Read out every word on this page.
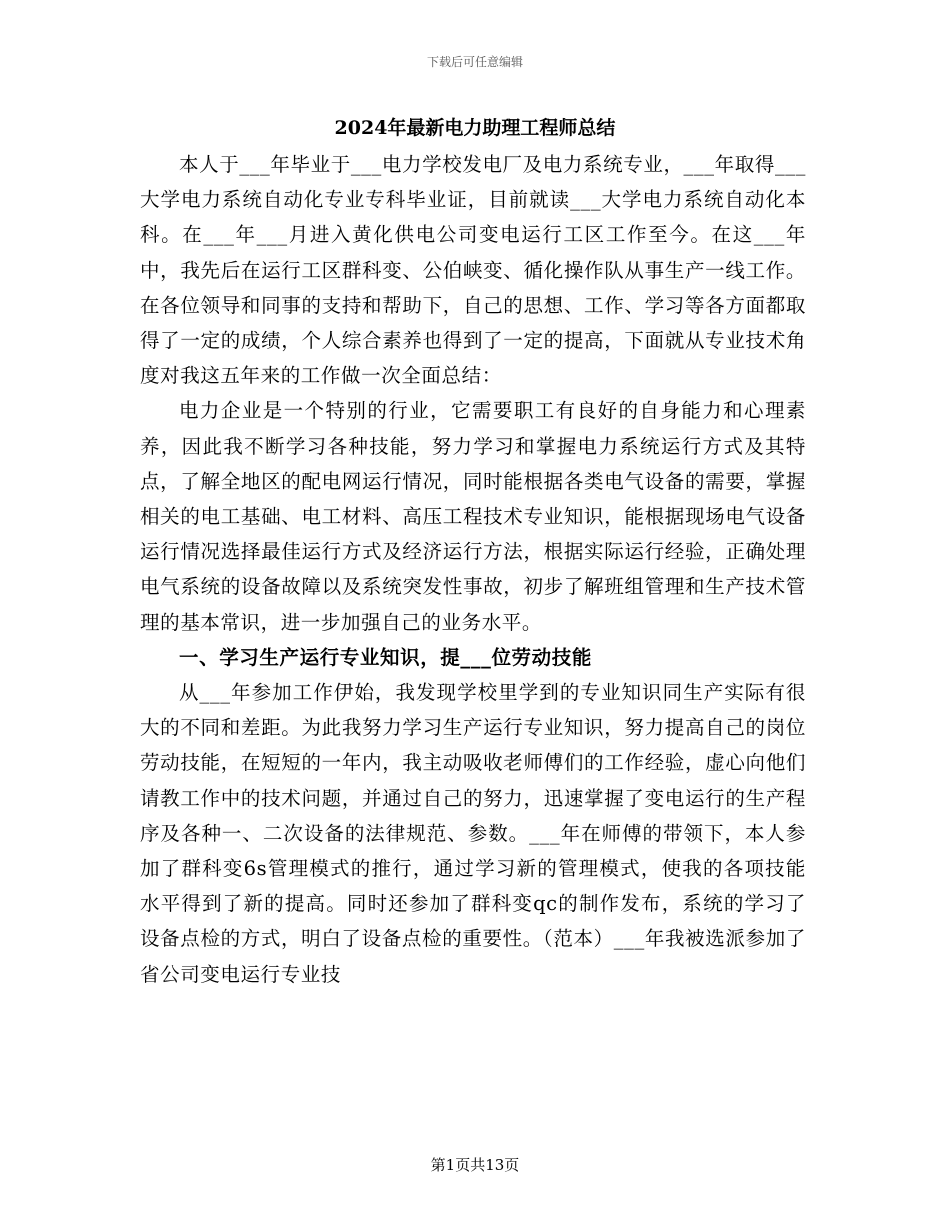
下载后可任意编辑
2024年最新电力助理工程师总结

本人于___年毕业于___电力学校发电厂及电力系统专业，___年取得___大学电力系统自动化专业专科毕业证，目前就读___大学电力系统自动化本科。在___年___月进入黄化供电公司变电运行工区工作至今。在这___年中，我先后在运行工区群科变、公伯峡变、循化操作队从事生产一线工作。在各位领导和同事的支持和帮助下，自己的思想、工作、学习等各方面都取得了一定的成绩，个人综合素养也得到了一定的提高，下面就从专业技术角度对我这五年来的工作做一次全面总结：

电力企业是一个特别的行业，它需要职工有良好的自身能力和心理素养，因此我不断学习各种技能，努力学习和掌握电力系统运行方式及其特点，了解全地区的配电网运行情况，同时能根据各类电气设备的需要，掌握相关的电工基础、电工材料、高压工程技术专业知识，能根据现场电气设备运行情况选择最佳运行方式及经济运行方法，根据实际运行经验，正确处理电气系统的设备故障以及系统突发性事故，初步了解班组管理和生产技术管理的基本常识，进一步加强自己的业务水平。

一、学习生产运行专业知识，提___位劳动技能

从___年参加工作伊始，我发现学校里学到的专业知识同生产实际有很大的不同和差距。为此我努力学习生产运行专业知识，努力提高自己的岗位劳动技能，在短短的一年内，我主动吸收老师傅们的工作经验，虚心向他们请教工作中的技术问题，并通过自己的努力，迅速掌握了变电运行的生产程序及各种一、二次设备的法律规范、参数。___年在师傅的带领下，本人参加了群科变6s管理模式的推行，通过学习新的管理模式，使我的各项技能水平得到了新的提高。同时还参加了群科变qc的制作发布，系统的学习了设备点检的方式，明白了设备点检的重要性。（范本）___年我被选派参加了省公司变电运行专业技

第1页共13页
